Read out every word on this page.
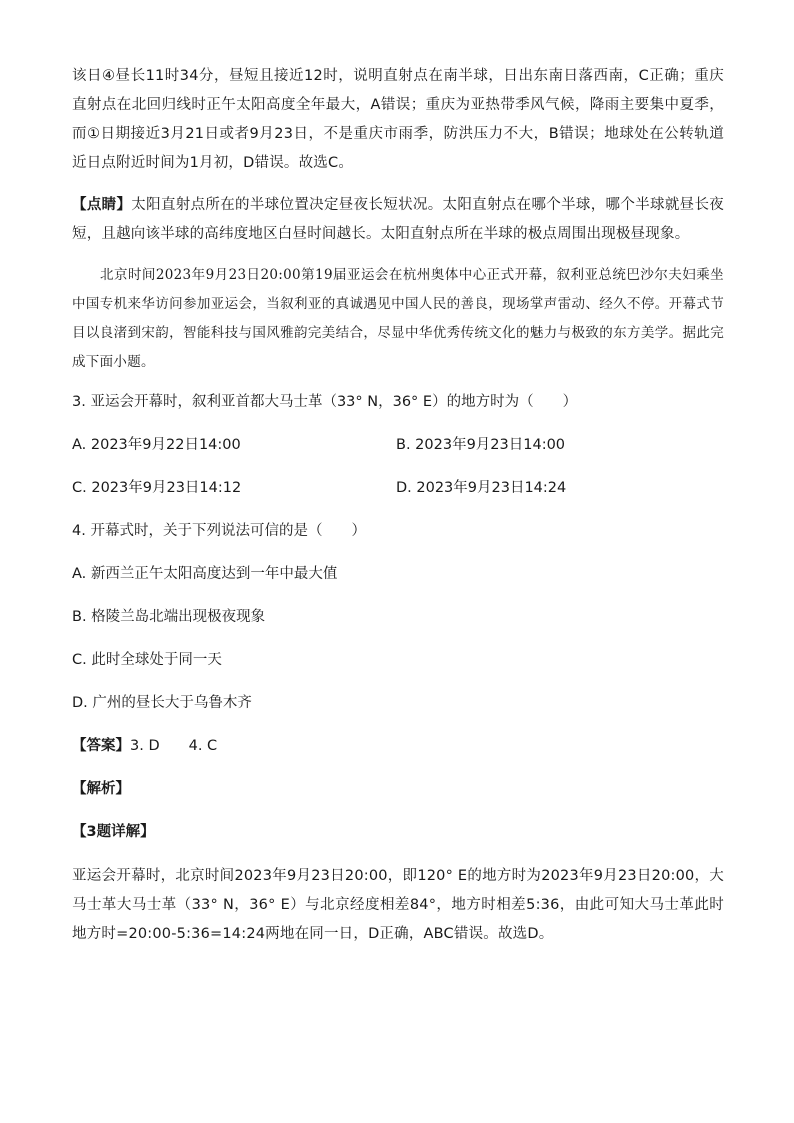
该日④昼长11时34分，昼短且接近12时，说明直射点在南半球，日出东南日落西南，C正确；重庆直射点在北回归线时正午太阳高度全年最大，A错误；重庆为亚热带季风气候，降雨主要集中夏季，而①日期接近3月21日或者9月23日，不是重庆市雨季，防洪压力不大，B错误；地球处在公转轨道近日点附近时间为1月初，D错误。故选C。

【点睛】太阳直射点所在的半球位置决定昼夜长短状况。太阳直射点在哪个半球，哪个半球就昼长夜短，且越向该半球的高纬度地区白昼时间越长。太阳直射点所在半球的极点周围出现极昼现象。

北京时间2023年9月23日20:00第19届亚运会在杭州奥体中心正式开幕，叙利亚总统巴沙尔夫妇乘坐中国专机来华访问参加亚运会，当叙利亚的真诚遇见中国人民的善良，现场掌声雷动、经久不停。开幕式节目以良渚到宋韵，智能科技与国风雅韵完美结合，尽显中华优秀传统文化的魅力与极致的东方美学。据此完成下面小题。

3. 亚运会开幕时，叙利亚首都大马士革（33° N，36° E）的地方时为（　　）

A. 2023年9月22日14:00	B. 2023年9月23日14:00
C. 2023年9月23日14:12	D. 2023年9月23日14:24

4. 开幕式时，关于下列说法可信的是（　　）

A. 新西兰正午太阳高度达到一年中最大值

B. 格陵兰岛北端出现极夜现象

C. 此时全球处于同一天

D. 广州的昼长大于乌鲁木齐

【答案】3. D　　4. C

【解析】

【3题详解】

亚运会开幕时，北京时间2023年9月23日20:00，即120° E的地方时为2023年9月23日20:00，大马士革大马士革（33° N，36° E）与北京经度相差84°，地方时相差5:36，由此可知大马士革此时地方时=20:00-5:36=14:24两地在同一日，D正确，ABC错误。故选D。
